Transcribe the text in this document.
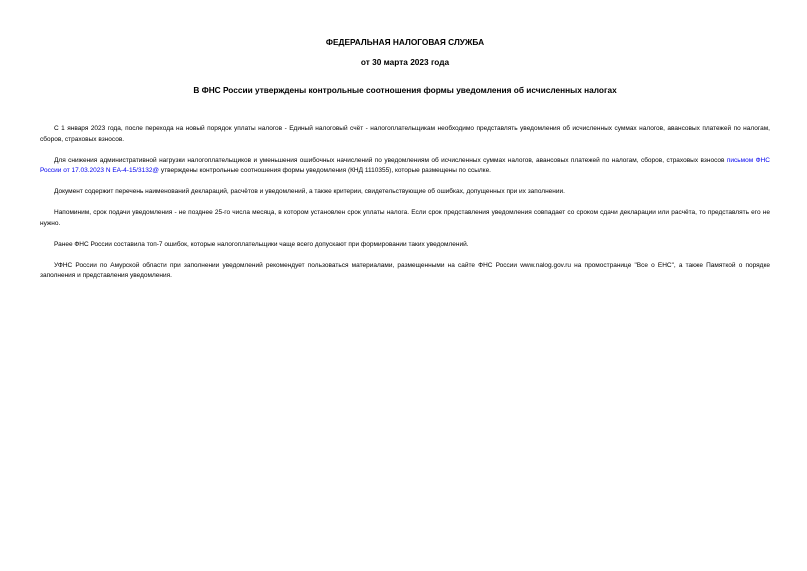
ФЕДЕРАЛЬНАЯ НАЛОГОВАЯ СЛУЖБА
от 30 марта 2023 года
В ФНС России утверждены контрольные соотношения формы уведомления об исчисленных налогах

С 1 января 2023 года, после перехода на новый порядок уплаты налогов - Единый налоговый счёт - налогоплательщикам необходимо представлять уведомления об исчисленных суммах налогов, авансовых платежей по налогам, сборов, страховых взносов.

Для снижения административной нагрузки налогоплательщиков и уменьшения ошибочных начислений по уведомлениям об исчисленных суммах налогов, авансовых платежей по налогам, сборов, страховых взносов письмом ФНС России от 17.03.2023 N ЕА-4-15/3132@ утверждены контрольные соотношения формы уведомления (КНД 1110355), которые размещены по ссылке.

Документ содержит перечень наименований деклараций, расчётов и уведомлений, а также критерии, свидетельствующие об ошибках, допущенных при их заполнении.

Напоминим, срок подачи уведомления - не позднее 25-го числа месяца, в котором установлен срок уплаты налога. Если срок представления уведомления совпадает со сроком сдачи декларации или расчёта, то представлять его не нужно.

Ранее ФНС России составила топ-7 ошибок, которые налогоплательщики чаще всего допускают при формировании таких уведомлений.

УФНС России по Амурской области при заполнении уведомлений рекомендует пользоваться материалами, размещенными на сайте ФНС России www.nalog.gov.ru на промостранице "Все о ЕНС", а также Памяткой о порядке заполнения и представления уведомления.
